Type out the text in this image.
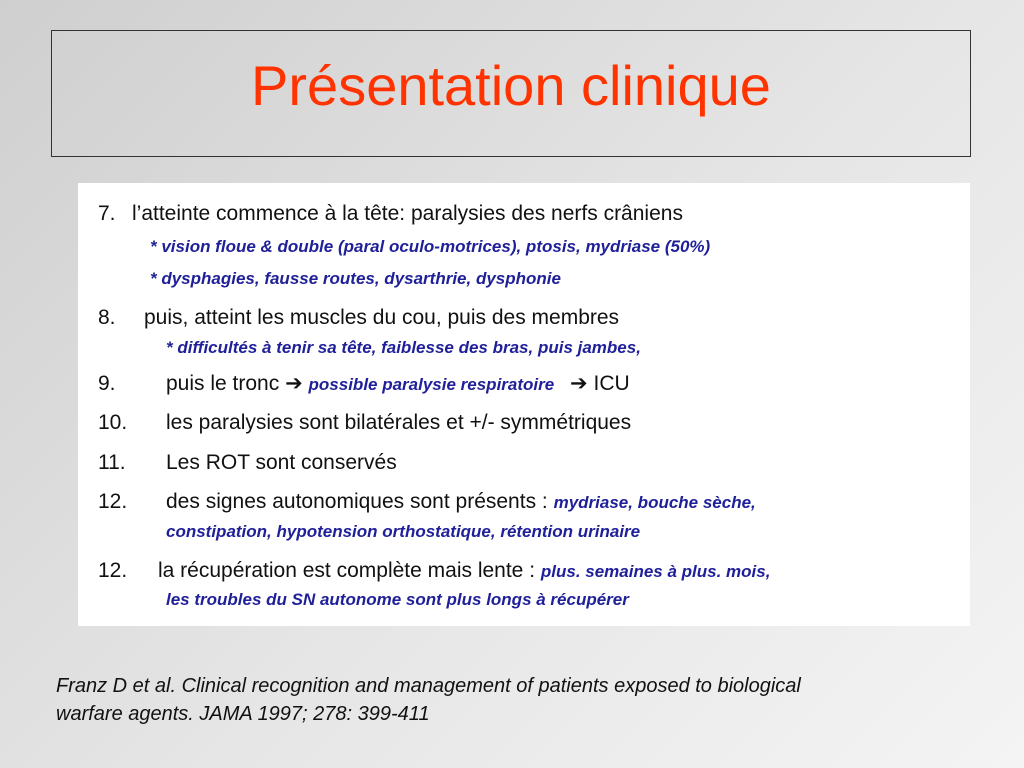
Présentation clinique
7. l’atteinte commence à la tête: paralysies des nerfs crâniens
* vision floue & double (paral oculo-motrices), ptosis, mydriase (50%)
* dysphagies, fausse routes, dysarthrie, dysphonie
8. puis, atteint les muscles du cou, puis des membres
* difficultés à tenir sa tête, faiblesse des bras, puis jambes,
9. puis le tronc ➔ possible paralysie respiratoire ➔ ICU
10. les paralysies sont bilatérales et +/- symmétriques
11. Les ROT sont conservés
12. des signes autonomiques sont présents : mydriase, bouche sèche,
constipation, hypotension orthostatique, rétention urinaire
12. la récupération est complète mais lente : plus. semaines à plus. mois,
les troubles du SN autonome sont plus longs à récupérer
Franz D et al. Clinical recognition and management of patients exposed to biological
warfare agents. JAMA 1997; 278: 399-411
